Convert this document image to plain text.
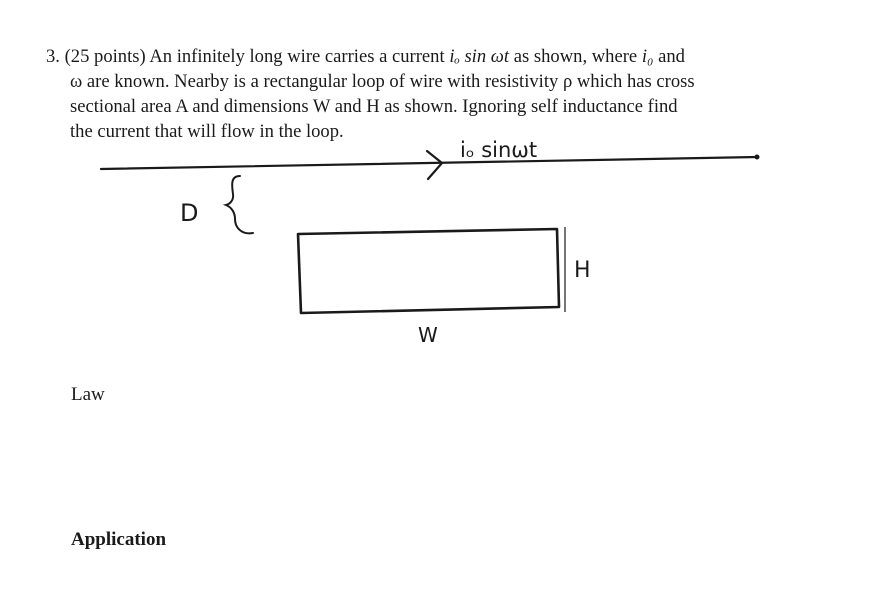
3. (25 points) An infinitely long wire carries a current iₒ sin ωt as shown, where i₀ and
ω are known. Nearby is a rectangular loop of wire with resistivity ρ which has cross
sectional area A and dimensions W and H as shown. Ignoring self inductance find
the current that will flow in the loop.
iₒ sinωt
D
H
W
Law
Application
